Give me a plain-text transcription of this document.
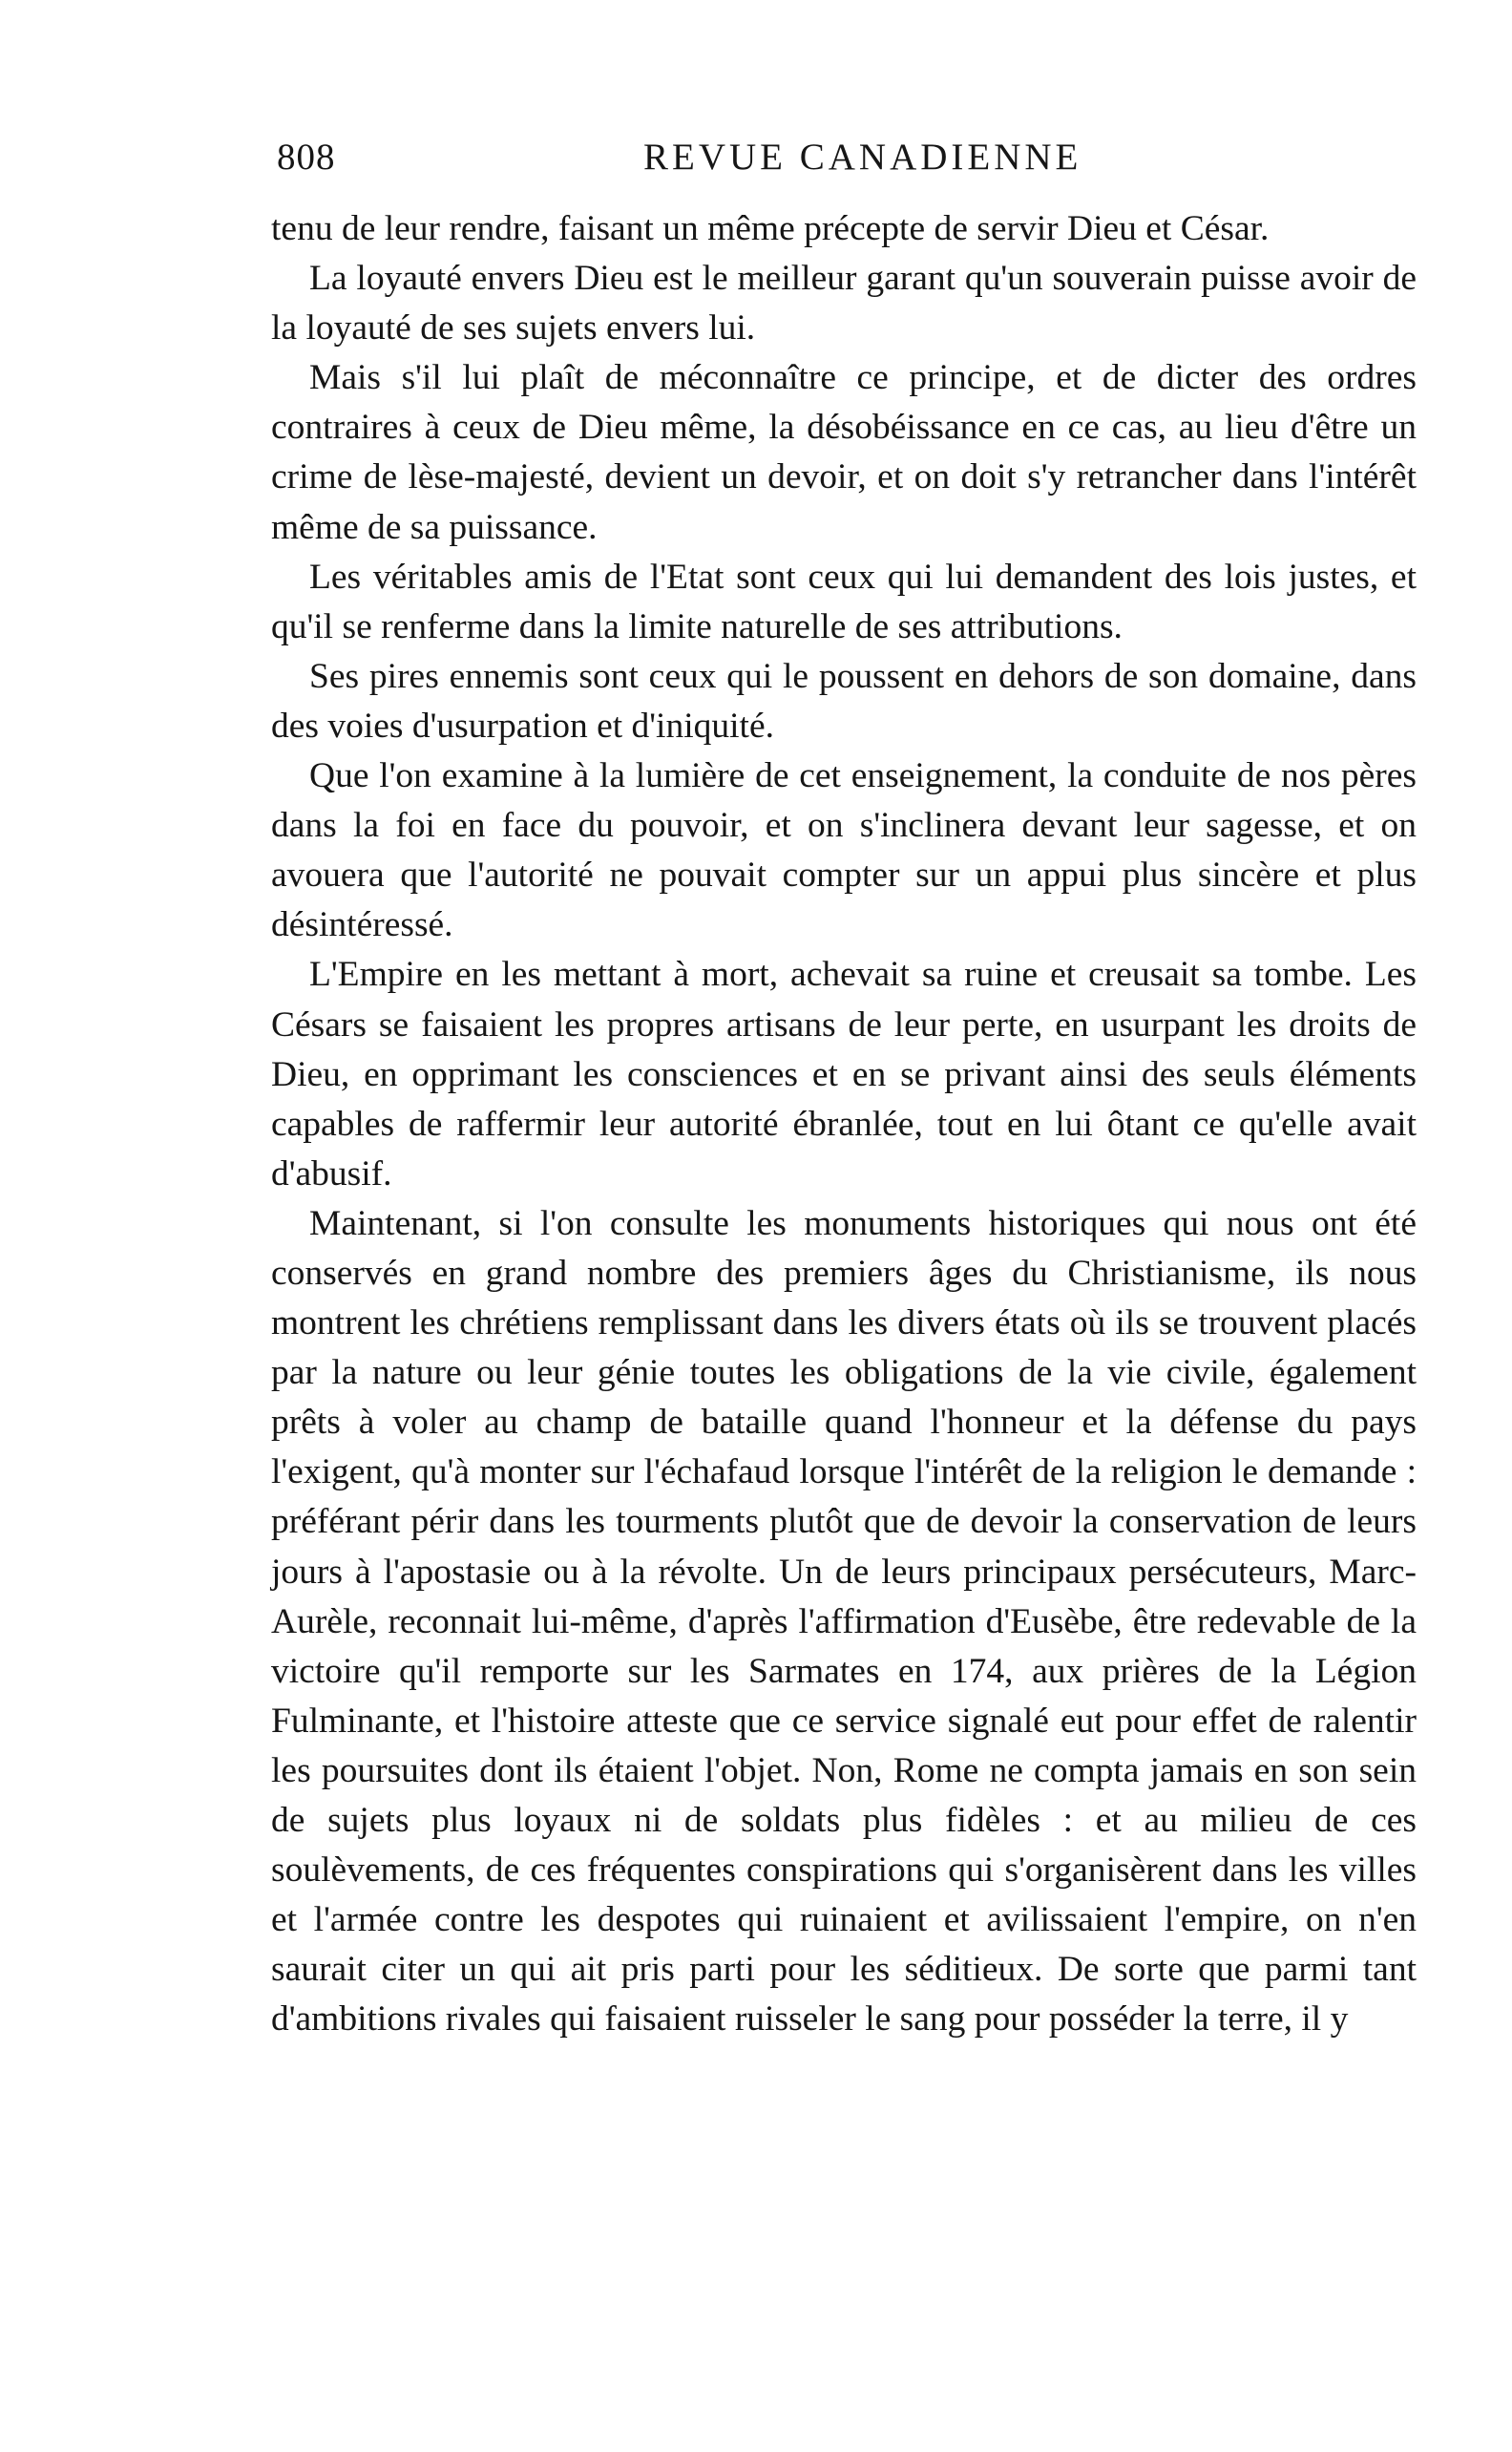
808	REVUE CANADIENNE

tenu de leur rendre, faisant un même précepte de servir Dieu et César.

La loyauté envers Dieu est le meilleur garant qu'un souverain puisse avoir de la loyauté de ses sujets envers lui.

Mais s'il lui plaît de méconnaître ce principe, et de dicter des ordres contraires à ceux de Dieu même, la désobéissance en ce cas, au lieu d'être un crime de lèse-majesté, devient un devoir, et on doit s'y retrancher dans l'intérêt même de sa puissance.

Les véritables amis de l'Etat sont ceux qui lui demandent des lois justes, et qu'il se renferme dans la limite naturelle de ses attributions.

Ses pires ennemis sont ceux qui le poussent en dehors de son domaine, dans des voies d'usurpation et d'iniquité.

Que l'on examine à la lumière de cet enseignement, la conduite de nos pères dans la foi en face du pouvoir, et on s'inclinera devant leur sagesse, et on avouera que l'autorité ne pouvait compter sur un appui plus sincère et plus désintéressé.

L'Empire en les mettant à mort, achevait sa ruine et creusait sa tombe. Les Césars se faisaient les propres artisans de leur perte, en usurpant les droits de Dieu, en opprimant les consciences et en se privant ainsi des seuls éléments capables de raffermir leur autorité ébranlée, tout en lui ôtant ce qu'elle avait d'abusif.

Maintenant, si l'on consulte les monuments historiques qui nous ont été conservés en grand nombre des premiers âges du Christianisme, ils nous montrent les chrétiens remplissant dans les divers états où ils se trouvent placés par la nature ou leur génie toutes les obligations de la vie civile, également prêts à voler au champ de bataille quand l'honneur et la défense du pays l'exigent, qu'à monter sur l'échafaud lorsque l'intérêt de la religion le demande : préférant périr dans les tourments plutôt que de devoir la conservation de leurs jours à l'apostasie ou à la révolte. Un de leurs principaux persécuteurs, Marc-Aurèle, reconnait lui-même, d'après l'affirmation d'Eusèbe, être redevable de la victoire qu'il remporte sur les Sarmates en 174, aux prières de la Légion Fulminante, et l'histoire atteste que ce service signalé eut pour effet de ralentir les poursuites dont ils étaient l'objet. Non, Rome ne compta jamais en son sein de sujets plus loyaux ni de soldats plus fidèles : et au milieu de ces soulèvements, de ces fréquentes conspirations qui s'organisèrent dans les villes et l'armée contre les despotes qui ruinaient et avilissaient l'empire, on n'en saurait citer un qui ait pris parti pour les séditieux. De sorte que parmi tant d'ambitions rivales qui faisaient ruisseler le sang pour posséder la terre, il y
